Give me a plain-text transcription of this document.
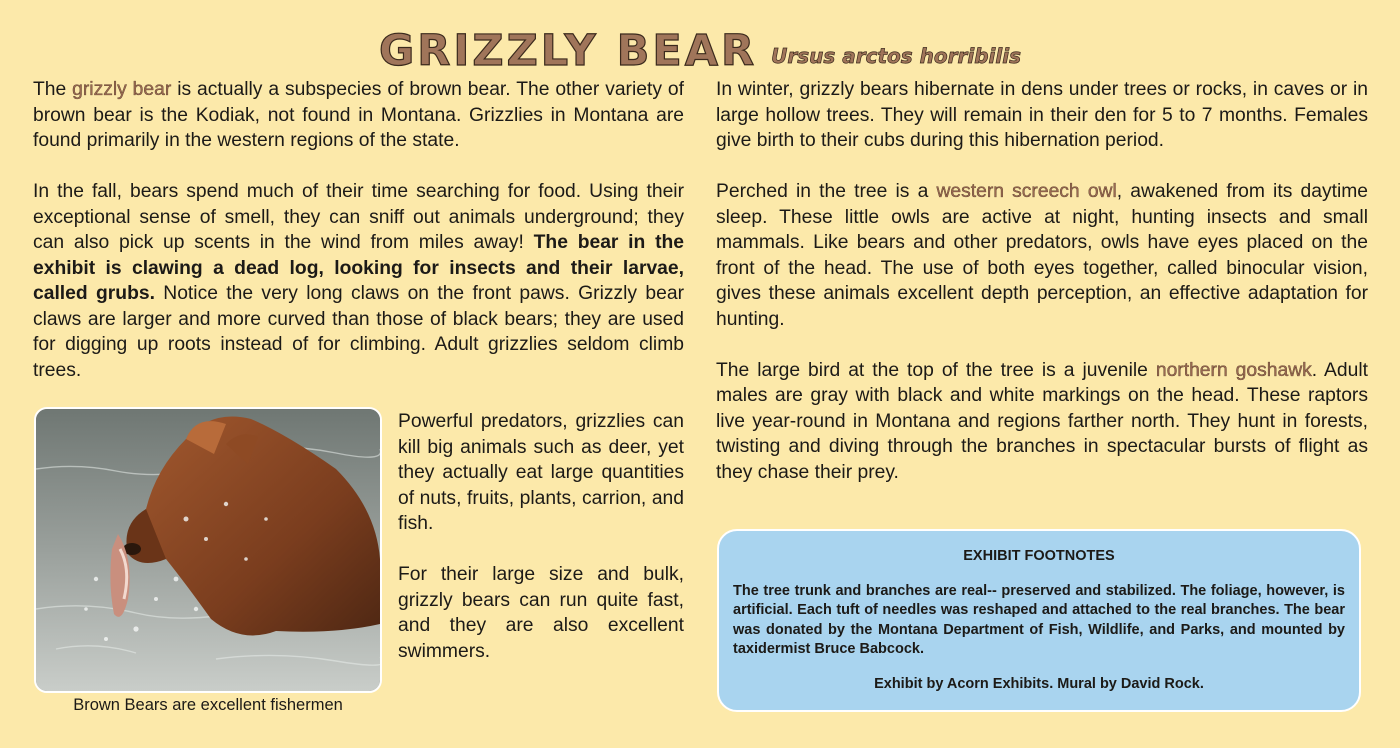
GRIZZLY BEAR Ursus arctos horribilis
The grizzly bear is actually a subspecies of brown bear. The other variety of brown bear is the Kodiak, not found in Montana. Grizzlies in Montana are found primarily in the western regions of the state.
In the fall, bears spend much of their time searching for food. Using their exceptional sense of smell, they can sniff out animals underground; they can also pick up scents in the wind from miles away! The bear in the exhibit is clawing a dead log, looking for insects and their larvae, called grubs. Notice the very long claws on the front paws. Grizzly bear claws are larger and more curved than those of black bears; they are used for digging up roots instead of for climbing. Adult grizzlies seldom climb trees.

Brown Bears are excellent fishermen

Powerful predators, grizzlies can kill big animals such as deer, yet they actually eat large quantities of nuts, fruits, plants, carrion, and fish.
For their large size and bulk, grizzly bears can run quite fast, and they are also excellent swimmers.
In winter, grizzly bears hibernate in dens under trees or rocks, in caves or in large hollow trees. They will remain in their den for 5 to 7 months. Females give birth to their cubs during this hibernation period.
Perched in the tree is a western screech owl, awakened from its daytime sleep. These little owls are active at night, hunting insects and small mammals. Like bears and other predators, owls have eyes placed on the front of the head. The use of both eyes together, called binocular vision, gives these animals excellent depth perception, an effective adaptation for hunting.
The large bird at the top of the tree is a juvenile northern goshawk. Adult males are gray with black and white markings on the head. These raptors live year-round in Montana and regions farther north. They hunt in forests, twisting and diving through the branches in spectacular bursts of flight as they chase their prey.

EXHIBIT FOOTNOTES

The tree trunk and branches are real-- preserved and stabilized. The foliage, however, is artificial. Each tuft of needles was reshaped and attached to the real branches. The bear was donated by the Montana Department of Fish, Wildlife, and Parks, and mounted by taxidermist Bruce Babcock.

Exhibit by Acorn Exhibits. Mural by David Rock.
